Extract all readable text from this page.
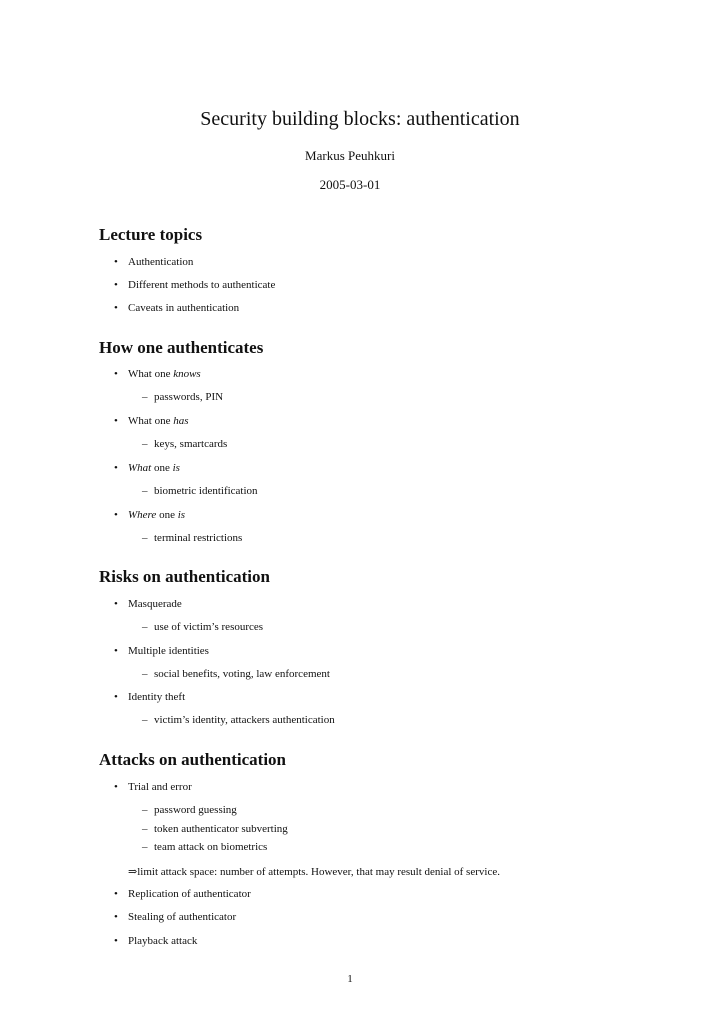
Security building blocks: authentication
Markus Peuhkuri
2005-03-01
Lecture topics
• Authentication
• Different methods to authenticate
• Caveats in authentication
How one authenticates
• What one knows
– passwords, PIN
• What one has
– keys, smartcards
• What one is
– biometric identification
• Where one is
– terminal restrictions
Risks on authentication
• Masquerade
– use of victim’s resources
• Multiple identities
– social benefits, voting, law enforcement
• Identity theft
– victim’s identity, attackers authentication
Attacks on authentication
• Trial and error
– password guessing
– token authenticator subverting
– team attack on biometrics
⇒limit attack space: number of attempts. However, that may result denial of service.
• Replication of authenticator
• Stealing of authenticator
• Playback attack
1
